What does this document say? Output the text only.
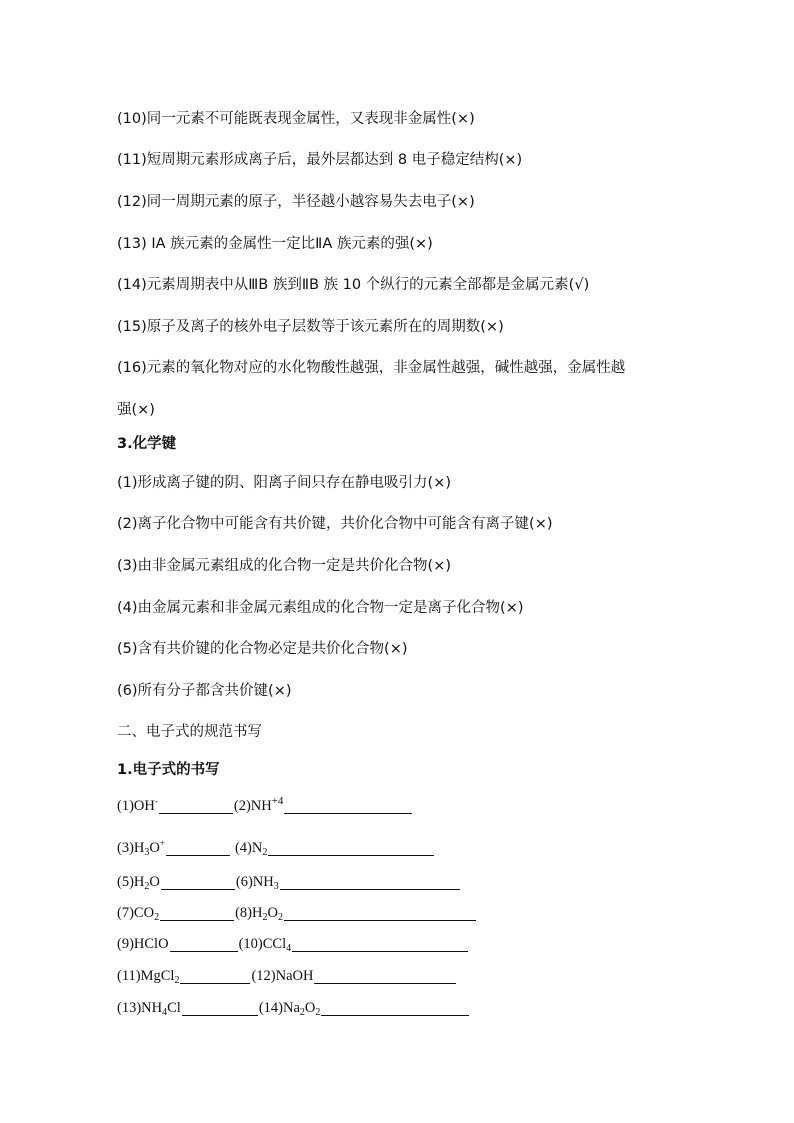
(10)同一元素不可能既表现金属性，又表现非金属性(×)
(11)短周期元素形成离子后，最外层都达到 8 电子稳定结构(×)
(12)同一周期元素的原子，半径越小越容易失去电子(×)
(13) ⅠA 族元素的金属性一定比ⅡA 族元素的强(×)
(14)元素周期表中从ⅢB 族到ⅡB 族 10 个纵行的元素全部都是金属元素(√)
(15)原子及离子的核外电子层数等于该元素所在的周期数(×)
(16)元素的氧化物对应的水化物酸性越强，非金属性越强，碱性越强，金属性越
强(×)
3.化学键
(1)形成离子键的阴、阳离子间只存在静电吸引力(×)
(2)离子化合物中可能含有共价键，共价化合物中可能含有离子键(×)
(3)由非金属元素组成的化合物一定是共价化合物(×)
(4)由金属元素和非金属元素组成的化合物一定是离子化合物(×)
(5)含有共价键的化合物必定是共价化合物(×)
(6)所有分子都含共价键(×)
二、电子式的规范书写
1.电子式的书写
(1)OH-	$(2)NH^{+4}$
$(3)H_3O^+$	$(4)N_2$
$(5)H_2O$	$(6)NH_3$
$(7)CO_2$	$(8)H_2O_2$
(9)HClO	(10)CCl$_4$
(11)MgCl$_2$	(12)NaOH
$(13)NH_4Cl$	$(14)Na_2O_2$
